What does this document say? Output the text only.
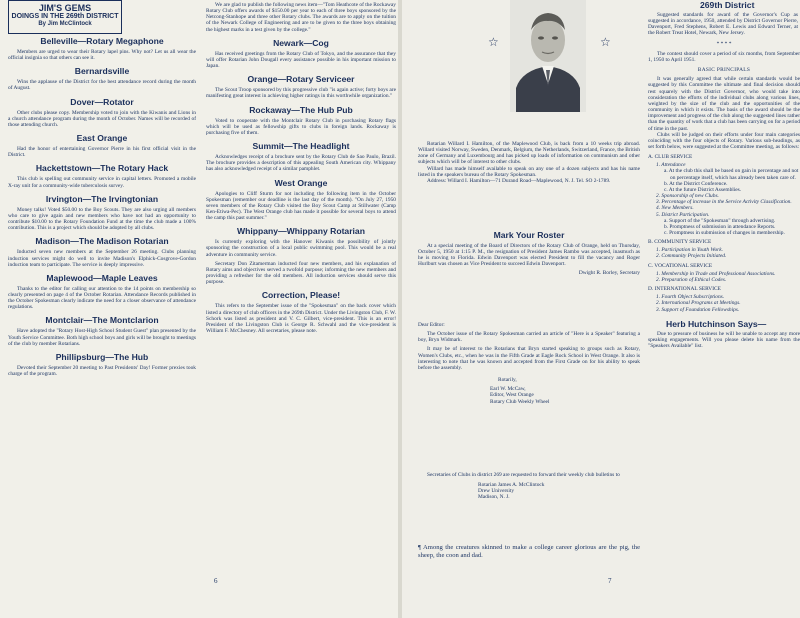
JIM'S GEMS
DOINGS IN THE 269th DISTRICT
By Jim McClintock
Belleville—Rotary Megaphone

Members are urged to wear their Rotary lapel pins. Why not? Let us all wear the official insignia so that others can see it.

Bernardsville

Wins the applause of the District for the best attendance record during the month of August.

Dover—Rotator

Other clubs please copy. Membership voted to join with the Kiwanis and Lions in a church attendance program during the month of October. Names will be recorded of those attending church.

East Orange

Had the honor of entertaining Governor Pierre in his first official visit in the District.

Hackettstown—The Rotary Hack

This club is spelling out community service in capital letters. Promoted a mobile X-ray unit for a community-wide tuberculosis survey.

Irvington—The Irvingtonian

Money talks! Voted $50.00 to the Boy Scouts. They are also urging all members who care to give again and new members who have not had an opportunity to contribute $10.00 to the Rotary Foundation Fund at the time the club made a 100% contribution. This is a project which should be adopted by all clubs.

Madison—The Madison Rotarian

Inducted seven new members at the September 26 meeting. Clubs planning induction services might do well to invite Madison's Elphick-Cosgrove-Gordon induction team to participate. The service is deeply impressive.

Maplewood—Maple Leaves

Thanks to the editor for calling our attention to the 14 points on membership so clearly presented on page 4 of the October Rotarian. Attendance Records published in the October Spokesman clearly indicate the need for a closer observance of attendance regulations.

Montclair—The Montclarion

Have adopted the "Rotary Host-High School Student Guest" plan presented by the Youth Service Committee. Both high school boys and girls will be brought to meetings of the club by member Rotarians.

Phillipsburg—The Hub

Devoted their September 20 meeting to Past Presidents' Day! Former prexies took charge of the program.

We are glad to publish the following news item—"Tom Heathcote of the Rockaway Rotary Club offers awards of $150.00 per year to each of three boys sponsored by the Netcong-Stanhope and three other Rotary clubs. The awards are to apply on the tuition of the Newark College of Engineering and are to be given to the three boys obtaining the highest marks in a test given by the college."

Newark—Cog

Has received greetings from the Rotary Club of Tokyo, and the assurance that they will offer Rotarian John Dougall every assistance possible in his important mission to Japan.

Orange—Rotary Serviceer

The Scout Troop sponsored by this progressive club "is again active; forty boys are manifesting great interest in achieving higher ratings in this worthwhile organization."

Rockaway—The Hub Pub

Voted to cooperate with the Montclair Rotary Club in purchasing Rotary flags which will be used as fellowship gifts to clubs in foreign lands. Rockaway is purchasing five of them.

Summit—The Headlight

Acknowledges receipt of a brochure sent by the Rotary Club de Sao Paulo, Brazil. The brochure provides a description of this appealing South American city. Whippany has also acknowledged receipt of a similar pamphlet.

West Orange

Apologies to Cliff Sturm for not including the following item in the October Spokesman (remember our deadline is the last day of the month). "On July 27, 1950 seven members of the Rotary Club visited the Boy Scout Camp at Stillwater (Camp Ken-Etiwa-Pec). The West Orange club has made it possible for several boys to attend the camp this past summer."

Whippany—Whippany Rotarian

Is currently exploring with the Hanover Kiwanis the possibility of jointly sponsoring the construction of a local public swimming pool. This would be a real adventure in community service.

Secretary Don Zitamerman inducted four new members, and his explanation of Rotary aims and objectives served a twofold purpose; informing the new members and providing a refresher for the old members. All induction services should serve this purpose.

Correction, Please!

This refers to the September issue of the "Spokesman" on the back cover which listed a directory of club officers in the 269th District. Under the Livingston Club, F. W. Schork was listed as president and V. C. Gilbert, vice-president. This is an error! President of the Livingston Club is George R. Schwahl and the vice-president is William F. McChesney. All secretaries, please note.

6
☆	☆

Rotarian Willard I. Hamilton, of the Maplewood Club, is back from a 10 weeks trip abroad. Willard visited Norway, Sweden, Denmark, Belgium, the Netherlands, Switzerland, France, the British zone of Germany and Luxembourg and has picked up loads of information on communism and other subjects which will be of interest to other clubs.

Willard has made himself available to speak on any one of a dozen subjects and has his name listed in the speakers bureau of the Rotary Spokesman.

Address: Willard I. Hamilton—71 Durand Road—Maplewood, N. J. Tel. SO 2-1789.

Mark Your Roster

At a special meeting of the Board of Directors of the Rotary Club of Orange, held on Thursday, October 5, 1950 at 1:15 P. M., the resignation of President James Rambo was accepted, inasmuch as he is moving to Florida. Edwin Davenport was elected President to fill the vacancy and Roger Hurlburt was chosen as Vice President to succeed Edwin Davenport.

Dwight R. Borley, Secretary

Dear Editor:

The October issue of the Rotary Spokesman carried an article of "Here is a Speaker" featuring a boy, Bryn Widmark.

It may be of interest to the Rotarians that Bryn started speaking to groups such as Rotary, Women's Clubs, etc., when he was in the Fifth Grade at Eagle Rock School in West Orange. It also is interesting to note that he was known and accepted from the First Grade on for his ability to speak before the assembly.

Rotarily,

Earl W. McCaw,

Editor, West Orange

Rotary Club Weekly Wheel

Secretaries of Clubs in district 269 are requested to forward their weekly club bulletins to

Rotarian James A. McClintock

Drew University

Madison, N. J.

¶ Among the creatures skinned to make a college career glorious are the pig, the sheep, the coon and dad.

269th District

Suggested standards for award of the Governor's Cup as suggested in accordance, 1950, attended by District Governor Pierre, Davenport, Fred Stephens, Robert E. Lewis and Edward Terner, at the Robert Treat Hotel, Newark, New Jersey.

* * * *

The contest should cover a period of six months, from September 1, 1950 to April 1951.

BASIC PRINCIPALS

It was generally agreed that while certain standards would be suggested by this Committee the ultimate and final decision should rest squarely with the District Governor, who would take into consideration the efforts of the individual clubs along various lines, weighted by the size of the club and the opportunities of the community in which it exists. The basis of the award should be the improvement and progress of the club along the suggested lines rather than the quantity of work that a club has been carrying on for a period of time in the past.

Clubs will be judged on their efforts under four main categories coinciding with the four objects of Rotary. Various sub-headings, as set forth below, were suggested at the Committee meeting, as follows:

A. CLUB SERVICE

1. Attendance

a. At the club this shall be based on gain in percentage and not on percentage itself, which has already been taken care of.

b. At the District Conference.

c. At the future District Assemblies.

2. Sponsorship of new Clubs.

3. Percentage of increase in the Service Activity Classification.

4. New Members.

5. District Participation.

a. Support of the "Spokesman" through advertising.

b. Promptness of submission in attendance Reports.

c. Promptness in submission of changes in membership.

B. COMMUNITY SERVICE

1. Participation in Youth Work.

2. Community Projects Initiated.

C. VOCATIONAL SERVICE

1. Membership in Trade and Professional Associations.

2. Preparation of Ethical Codes.

D. INTERNATIONAL SERVICE

1. Fourth Object Subscriptions.

2. International Programs at Meetings.

3. Support of Foundation Fellowships.

Herb Hutchinson Says—

Due to pressure of business he will be unable to accept any more speaking engagements. Will you please delete his name from the "Speakers Available" list.

7
